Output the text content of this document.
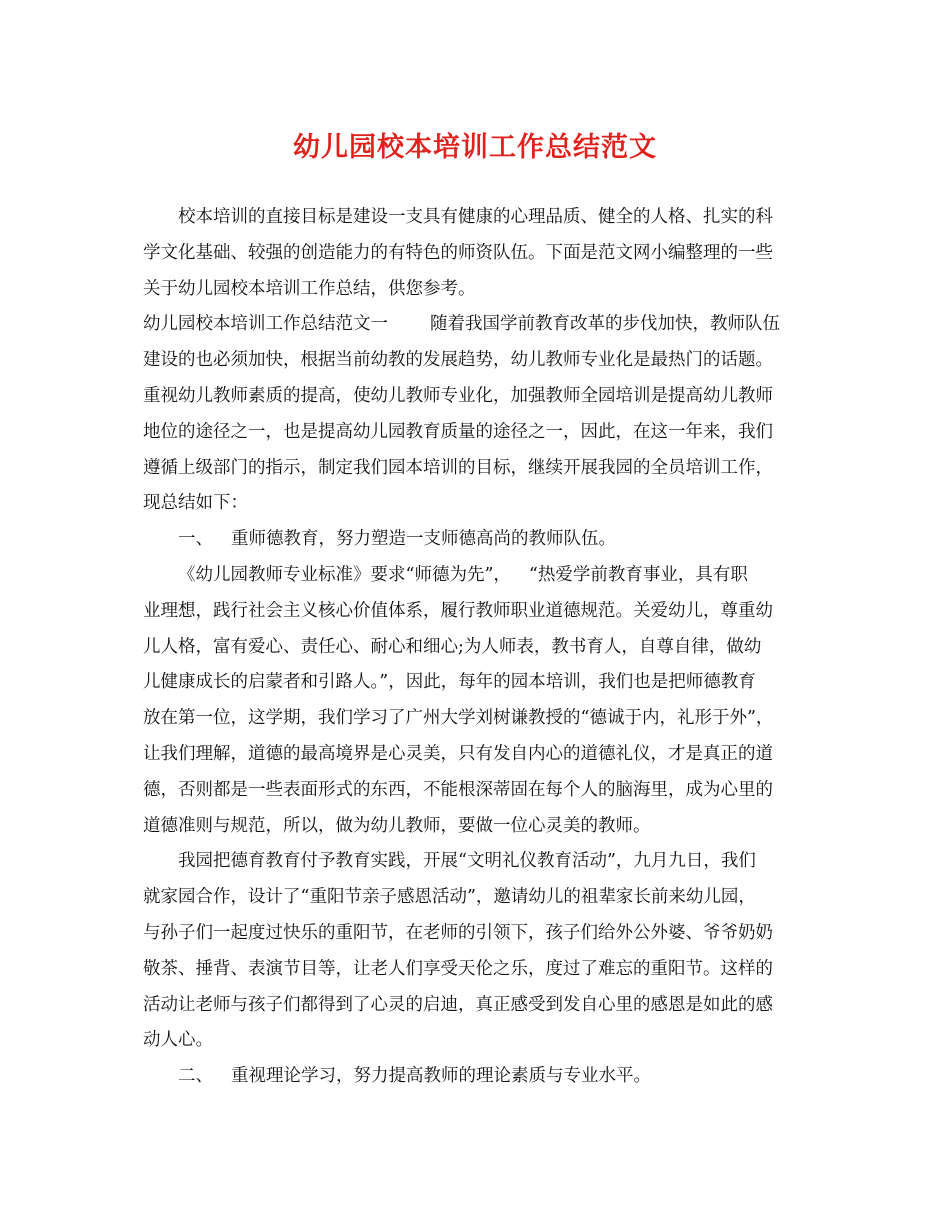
幼儿园校本培训工作总结范文
校本培训的直接目标是建设一支具有健康的心理品质、健全的人格、扎实的科
学文化基础、较强的创造能力的有特色的师资队伍。下面是范文网小编整理的一些
关于幼儿园校本培训工作总结，供您参考。
幼儿园校本培训工作总结范文一 随着我国学前教育改革的步伐加快，教师队伍
建设的也必须加快，根据当前幼教的发展趋势，幼儿教师专业化是最热门的话题。
重视幼儿教师素质的提高，使幼儿教师专业化，加强教师全园培训是提高幼儿教师
地位的途径之一，也是提高幼儿园教育质量的途径之一，因此，在这一年来，我们
遵循上级部门的指示，制定我们园本培训的目标，继续开展我园的全员培训工作，
现总结如下：
一、 重师德教育，努力塑造一支师德高尚的教师队伍。
《幼儿园教师专业标准》要求“师德为先”， “热爱学前教育事业，具有职
业理想，践行社会主义核心价值体系，履行教师职业道德规范。关爱幼儿，尊重幼
儿人格，富有爱心、责任心、耐心和细心;为人师表，教书育人，自尊自律，做幼
儿健康成长的启蒙者和引路人。”，因此，每年的园本培训，我们也是把师德教育
放在第一位，这学期，我们学习了广州大学刘树谦教授的“德诚于内，礼形于外”，
让我们理解，道德的最高境界是心灵美，只有发自内心的道德礼仪，才是真正的道
德，否则都是一些表面形式的东西，不能根深蒂固在每个人的脑海里，成为心里的
道德准则与规范，所以，做为幼儿教师，要做一位心灵美的教师。
我园把德育教育付予教育实践，开展“文明礼仪教育活动”，九月九日，我们
就家园合作，设计了“重阳节亲子感恩活动”，邀请幼儿的祖辈家长前来幼儿园，
与孙子们一起度过快乐的重阳节，在老师的引领下，孩子们给外公外婆、爷爷奶奶
敬茶、捶背、表演节目等，让老人们享受天伦之乐，度过了难忘的重阳节。这样的
活动让老师与孩子们都得到了心灵的启迪，真正感受到发自心里的感恩是如此的感
动人心。
二、 重视理论学习，努力提高教师的理论素质与专业水平。
